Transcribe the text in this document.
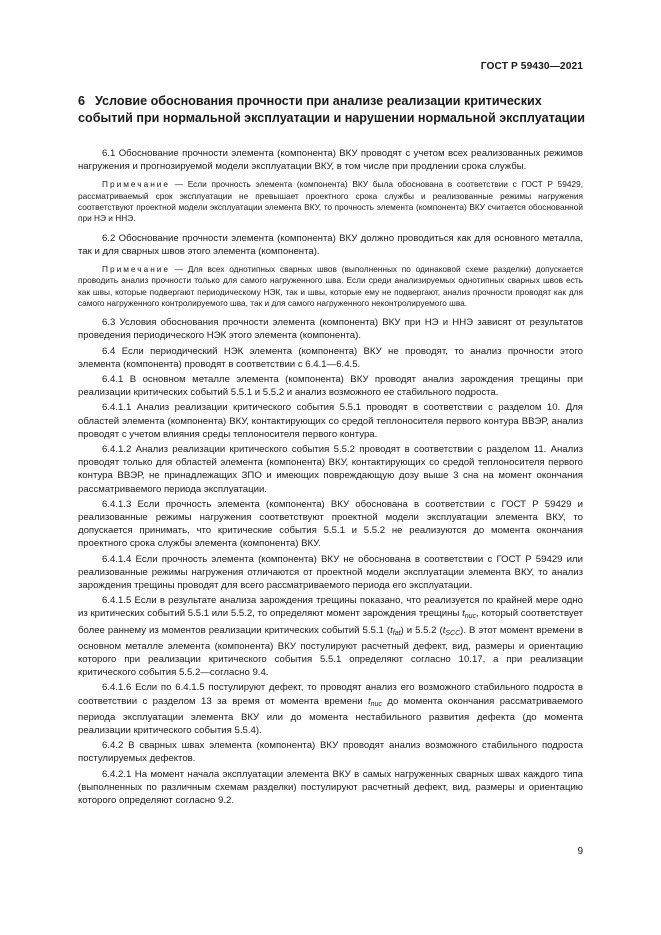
ГОСТ Р 59430—2021
6 Условие обоснования прочности при анализе реализации критических событий при нормальной эксплуатации и нарушении нормальной эксплуатации

6.1 Обоснование прочности элемента (компонента) ВКУ проводят с учетом всех реализованных режимов нагружения и прогнозируемой модели эксплуатации ВКУ, в том числе при продлении срока службы.

Примечание — Если прочность элемента (компонента) ВКУ была обоснована в соответствии с ГОСТ Р 59429, рассматриваемый срок эксплуатации не превышает проектного срока службы и реализованные режимы нагружения соответствуют проектной модели эксплуатации элемента ВКУ, то прочность элемента (компонента) ВКУ считается обоснованной при НЭ и ННЭ.

6.2 Обоснование прочности элемента (компонента) ВКУ должно проводиться как для основного металла, так и для сварных швов этого элемента (компонента).

Примечание — Для всех однотипных сварных швов (выполненных по одинаковой схеме разделки) допускается проводить анализ прочности только для самого нагруженного шва. Если среди анализируемых однотипных сварных швов есть как швы, которые подвергают периодическому НЭК, так и швы, которые ему не подвергают, анализ прочности проводят как для самого нагруженного контролируемого шва, так и для самого нагруженного неконтролируемого шва.

6.3 Условия обоснования прочности элемента (компонента) ВКУ при НЭ и ННЭ зависят от результатов проведения периодического НЭК этого элемента (компонента).

6.4 Если периодический НЭК элемента (компонента) ВКУ не проводят, то анализ прочности этого элемента (компонента) проводят в соответствии с 6.4.1—6.4.5.

6.4.1 В основном металле элемента (компонента) ВКУ проводят анализ зарождения трещины при реализации критических событий 5.5.1 и 5.5.2 и анализ возможного ее стабильного подроста.

6.4.1.1 Анализ реализации критического события 5.5.1 проводят в соответствии с разделом 10. Для областей элемента (компонента) ВКУ, контактирующих со средой теплоносителя первого контура ВВЭР, анализ проводят с учетом влияния среды теплоносителя первого контура.

6.4.1.2 Анализ реализации критического события 5.5.2 проводят в соответствии с разделом 11. Анализ проводят только для областей элемента (компонента) ВКУ, контактирующих со средой теплоносителя первого контура ВВЭР, не принадлежащих ЗПО и имеющих повреждающую дозу выше 3 сна на момент окончания рассматриваемого периода эксплуатации.

6.4.1.3 Если прочность элемента (компонента) ВКУ обоснована в соответствии с ГОСТ Р 59429 и реализованные режимы нагружения соответствуют проектной модели эксплуатации элемента ВКУ, то допускается принимать, что критические события 5.5.1 и 5.5.2 не реализуются до момента окончания проектного срока службы элемента (компонента) ВКУ.

6.4.1.4 Если прочность элемента (компонента) ВКУ не обоснована в соответствии с ГОСТ Р 59429 или реализованные режимы нагружения отличаются от проектной модели эксплуатации элемента ВКУ, то анализ зарождения трещины проводят для всего рассматриваемого периода его эксплуатации.

6.4.1.5 Если в результате анализа зарождения трещины показано, что реализуется по крайней мере одно из критических событий 5.5.1 или 5.5.2, то определяют момент зарождения трещины $t_{nuc}$, который соответствует более раннему из моментов реализации критических событий 5.5.1 $(t_{fat})$ и 5.5.2 $(t_{SCC})$. В этот момент времени в основном металле элемента (компонента) ВКУ постулируют расчетный дефект, вид, размеры и ориентацию которого при реализации критического события 5.5.1 определяют согласно 10.17, а при реализации критического события 5.5.2—согласно 9.4.

6.4.1.6 Если по 6.4.1.5 постулируют дефект, то проводят анализ его возможного стабильного подроста в соответствии с разделом 13 за время от момента времени $t_{nuc}$ до момента окончания рассматриваемого периода эксплуатации элемента ВКУ или до момента нестабильного развития дефекта (до момента реализации критического события 5.5.4).

6.4.2 В сварных швах элемента (компонента) ВКУ проводят анализ возможного стабильного подроста постулируемых дефектов.

6.4.2.1 На момент начала эксплуатации элемента ВКУ в самых нагруженных сварных швах каждого типа (выполненных по различным схемам разделки) постулируют расчетный дефект, вид, размеры и ориентацию которого определяют согласно 9.2.

9
